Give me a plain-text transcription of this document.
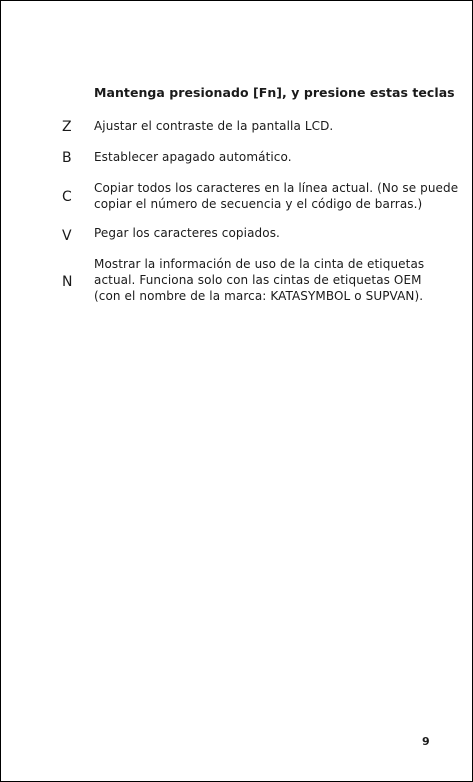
Mantenga presionado [Fn], y presione estas teclas
Z Ajustar el contraste de la pantalla LCD.
B Establecer apagado automático.
C
Copiar todos los caracteres en la línea actual. (No se puede
copiar el número de secuencia y el código de barras.)
V Pegar los caracteres copiados.
N
Mostrar la información de uso de la cinta de etiquetas
actual. Funciona solo con las cintas de etiquetas OEM
(con el nombre de la marca: KATASYMBOL o SUPVAN).
9
